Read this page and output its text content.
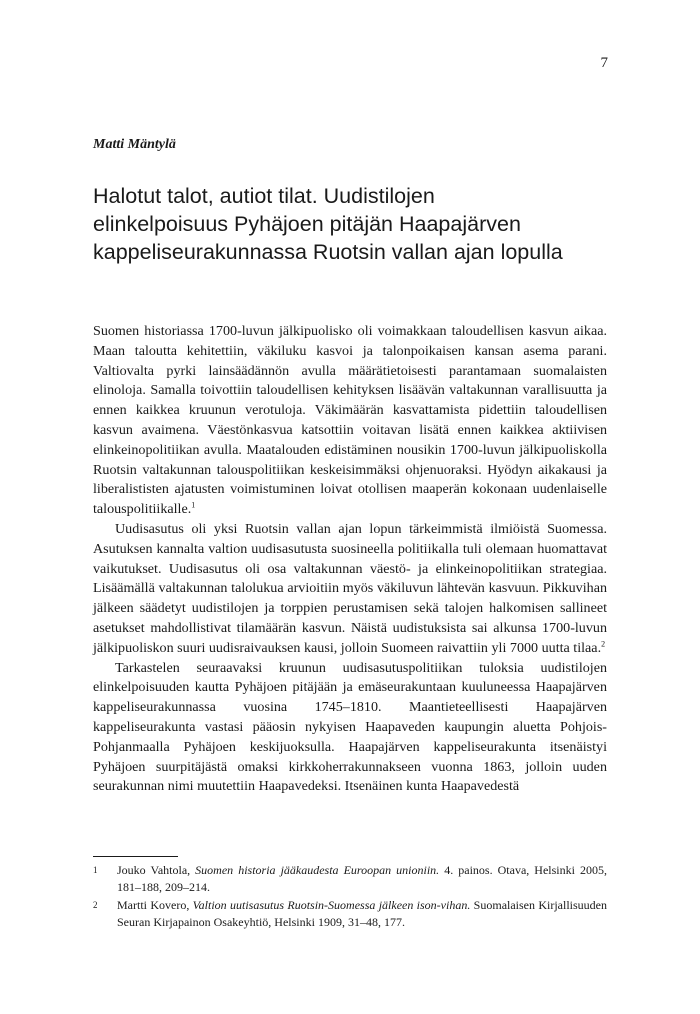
7
Matti Mäntylä
Halotut talot, autiot tilat. Uudistilojen
elinkelpoisuus Pyhäjoen pitäjän Haapajärven
kappeliseurakunnassa Ruotsin vallan ajan lopulla

Suomen historiassa 1700-luvun jälkipuolisko oli voimakkaan taloudellisen kasvun aikaa. Maan taloutta kehitettiin, väkiluku kasvoi ja talonpoikaisen kansan asema parani. Valtiovalta pyrki lainsäädännön avulla määrätietoisesti parantamaan suomalaisten elinoloja. Samalla toivottiin taloudellisen kehityksen lisäävän valtakunnan varallisuutta ja ennen kaikkea kruunun verotuloja. Väkimäärän kasvattamista pidettiin taloudellisen kasvun avaimena. Väestönkasvua katsottiin voitavan lisätä ennen kaikkea aktiivisen elinkeinopolitiikan avulla. Maatalouden edistäminen nousikin 1700-luvun jälkipuoliskolla Ruotsin valtakunnan talouspolitiikan keskeisimmäksi ohjenuoraksi. Hyödyn aikakausi ja liberalististen ajatusten voimistuminen loivat otollisen maaperän kokonaan uudenlaiselle talouspolitiikalle.$^1$

Uudisasutus oli yksi Ruotsin vallan ajan lopun tärkeimmistä ilmiöistä Suomessa. Asutuksen kannalta valtion uudisasutusta suosineella politiikalla tuli olemaan huomattavat vaikutukset. Uudisasutus oli osa valtakunnan väestö- ja elinkeinopolitiikan strategiaa. Lisäämällä valtakunnan talolukua arvioitiin myös väkiluvun lähtevän kasvuun. Pikkuvihan jälkeen säädetyt uudistilojen ja torppien perustamisen sekä talojen halkomisen sallineet asetukset mahdollistivat tilamäärän kasvun. Näistä uudistuksista sai alkunsa 1700-luvun jälkipuoliskon suuri uudisraivauksen kausi, jolloin Suomeen raivattiin yli 7000 uutta tilaa.$^2$

Tarkastelen seuraavaksi kruunun uudisasutuspolitiikan tuloksia uudistilojen elinkelpoisuuden kautta Pyhäjoen pitäjään ja emäseurakuntaan kuuluneessa Haapajärven kappeliseurakunnassa vuosina 1745–1810. Maantieteellisesti Haapajärven kappeliseurakunta vastasi pääosin nykyisen Haapaveden kaupungin aluetta Pohjois-Pohjanmaalla Pyhäjoen keskijuoksulla. Haapajärven kappeliseurakunta itsenäistyi Pyhäjoen suurpitäjästä omaksi kirkkoherrakunnakseen vuonna 1863, jolloin uuden seurakunnan nimi muutettiin Haapavedeksi. Itsenäinen kunta Haapavedestä

1 Jouko Vahtola, Suomen historia jääkaudesta Euroopan unioniin. 4. painos. Otava, Helsinki 2005, 181–188, 209–214.
2 Martti Kovero, Valtion uutisasutus Ruotsin-Suomessa jälkeen ison-vihan. Suomalaisen Kirjallisuuden Seuran Kirjapainon Osakeyhtiö, Helsinki 1909, 31–48, 177.
